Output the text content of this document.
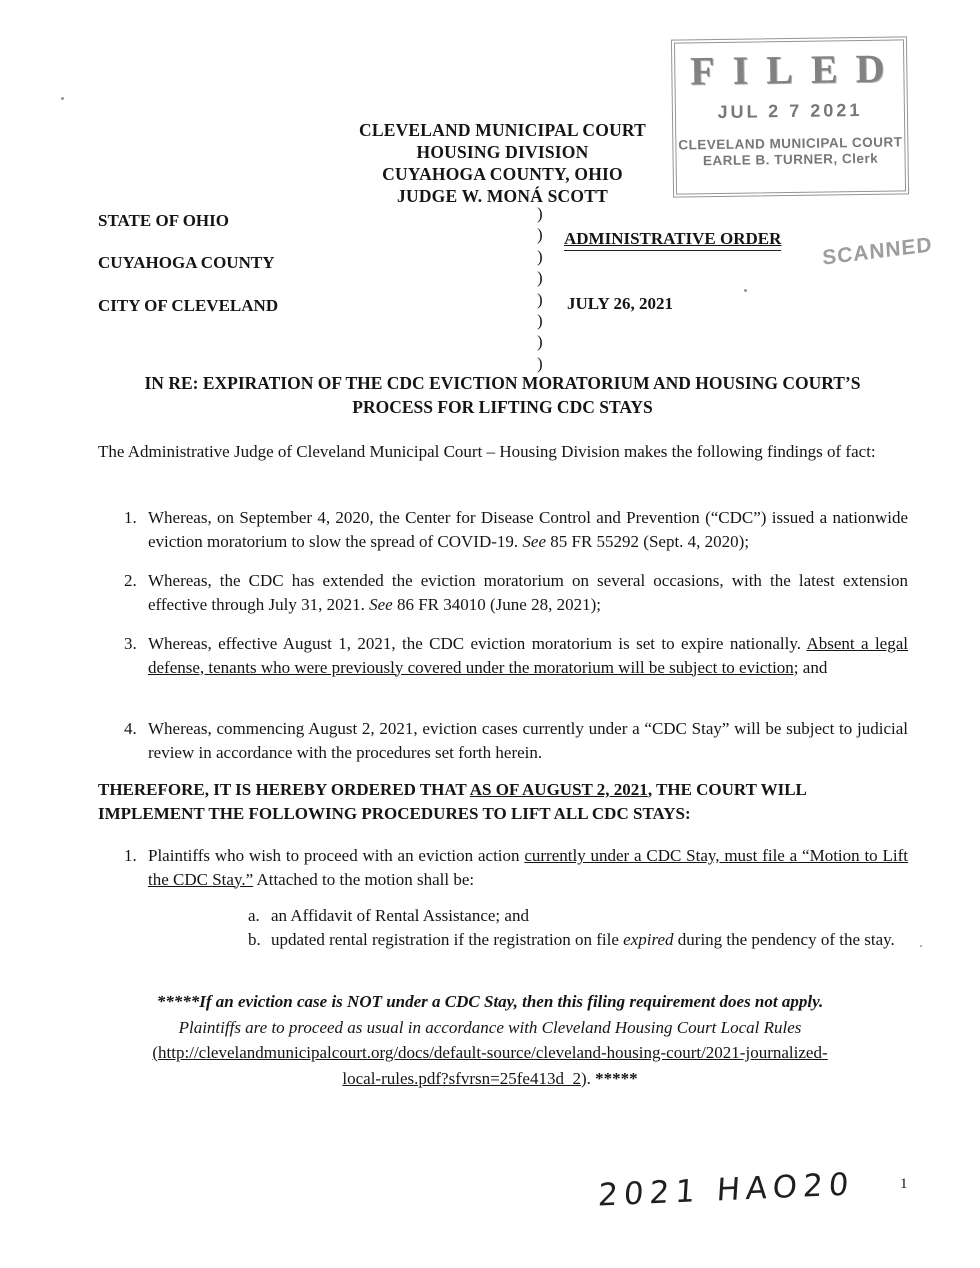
FILED
JUL 2 7 2021
CLEVELAND MUNICIPAL COURT
EARLE B. TURNER, Clerk
CLEVELAND MUNICIPAL COURT
HOUSING DIVISION
CUYAHOGA COUNTY, OHIO
JUDGE W. MONÁ SCOTT
STATE OF OHIO
CUYAHOGA COUNTY
CITY OF CLEVELAND
)
)
)
)
)
)
)
)
ADMINISTRATIVE ORDER SCANNED
JULY 26, 2021
IN RE: EXPIRATION OF THE CDC EVICTION MORATORIUM AND HOUSING COURT’S
PROCESS FOR LIFTING CDC STAYS
The Administrative Judge of Cleveland Municipal Court – Housing Division makes the following findings of fact:
1. Whereas, on September 4, 2020, the Center for Disease Control and Prevention (“CDC”) issued a nationwide eviction moratorium to slow the spread of COVID-19. See 85 FR 55292 (Sept. 4, 2020);
2. Whereas, the CDC has extended the eviction moratorium on several occasions, with the latest extension effective through July 31, 2021. See 86 FR 34010 (June 28, 2021);
3. Whereas, effective August 1, 2021, the CDC eviction moratorium is set to expire nationally. Absent a legal defense, tenants who were previously covered under the moratorium will be subject to eviction; and
4. Whereas, commencing August 2, 2021, eviction cases currently under a “CDC Stay” will be subject to judicial review in accordance with the procedures set forth herein.
THEREFORE, IT IS HEREBY ORDERED THAT AS OF AUGUST 2, 2021, THE COURT WILL IMPLEMENT THE FOLLOWING PROCEDURES TO LIFT ALL CDC STAYS:
1. Plaintiffs who wish to proceed with an eviction action currently under a CDC Stay, must file a “Motion to Lift the CDC Stay.” Attached to the motion shall be:
a. an Affidavit of Rental Assistance; and
b. updated rental registration if the registration on file expired during the pendency of the stay.
*****If an eviction case is NOT under a CDC Stay, then this filing requirement does not apply.
Plaintiffs are to proceed as usual in accordance with Cleveland Housing Court Local Rules
(http://clevelandmunicipalcourt.org/docs/default-source/cleveland-housing-court/2021-journalized-
local-rules.pdf?sfvrsn=25fe413d_2). *****
2021 HAO20	1
